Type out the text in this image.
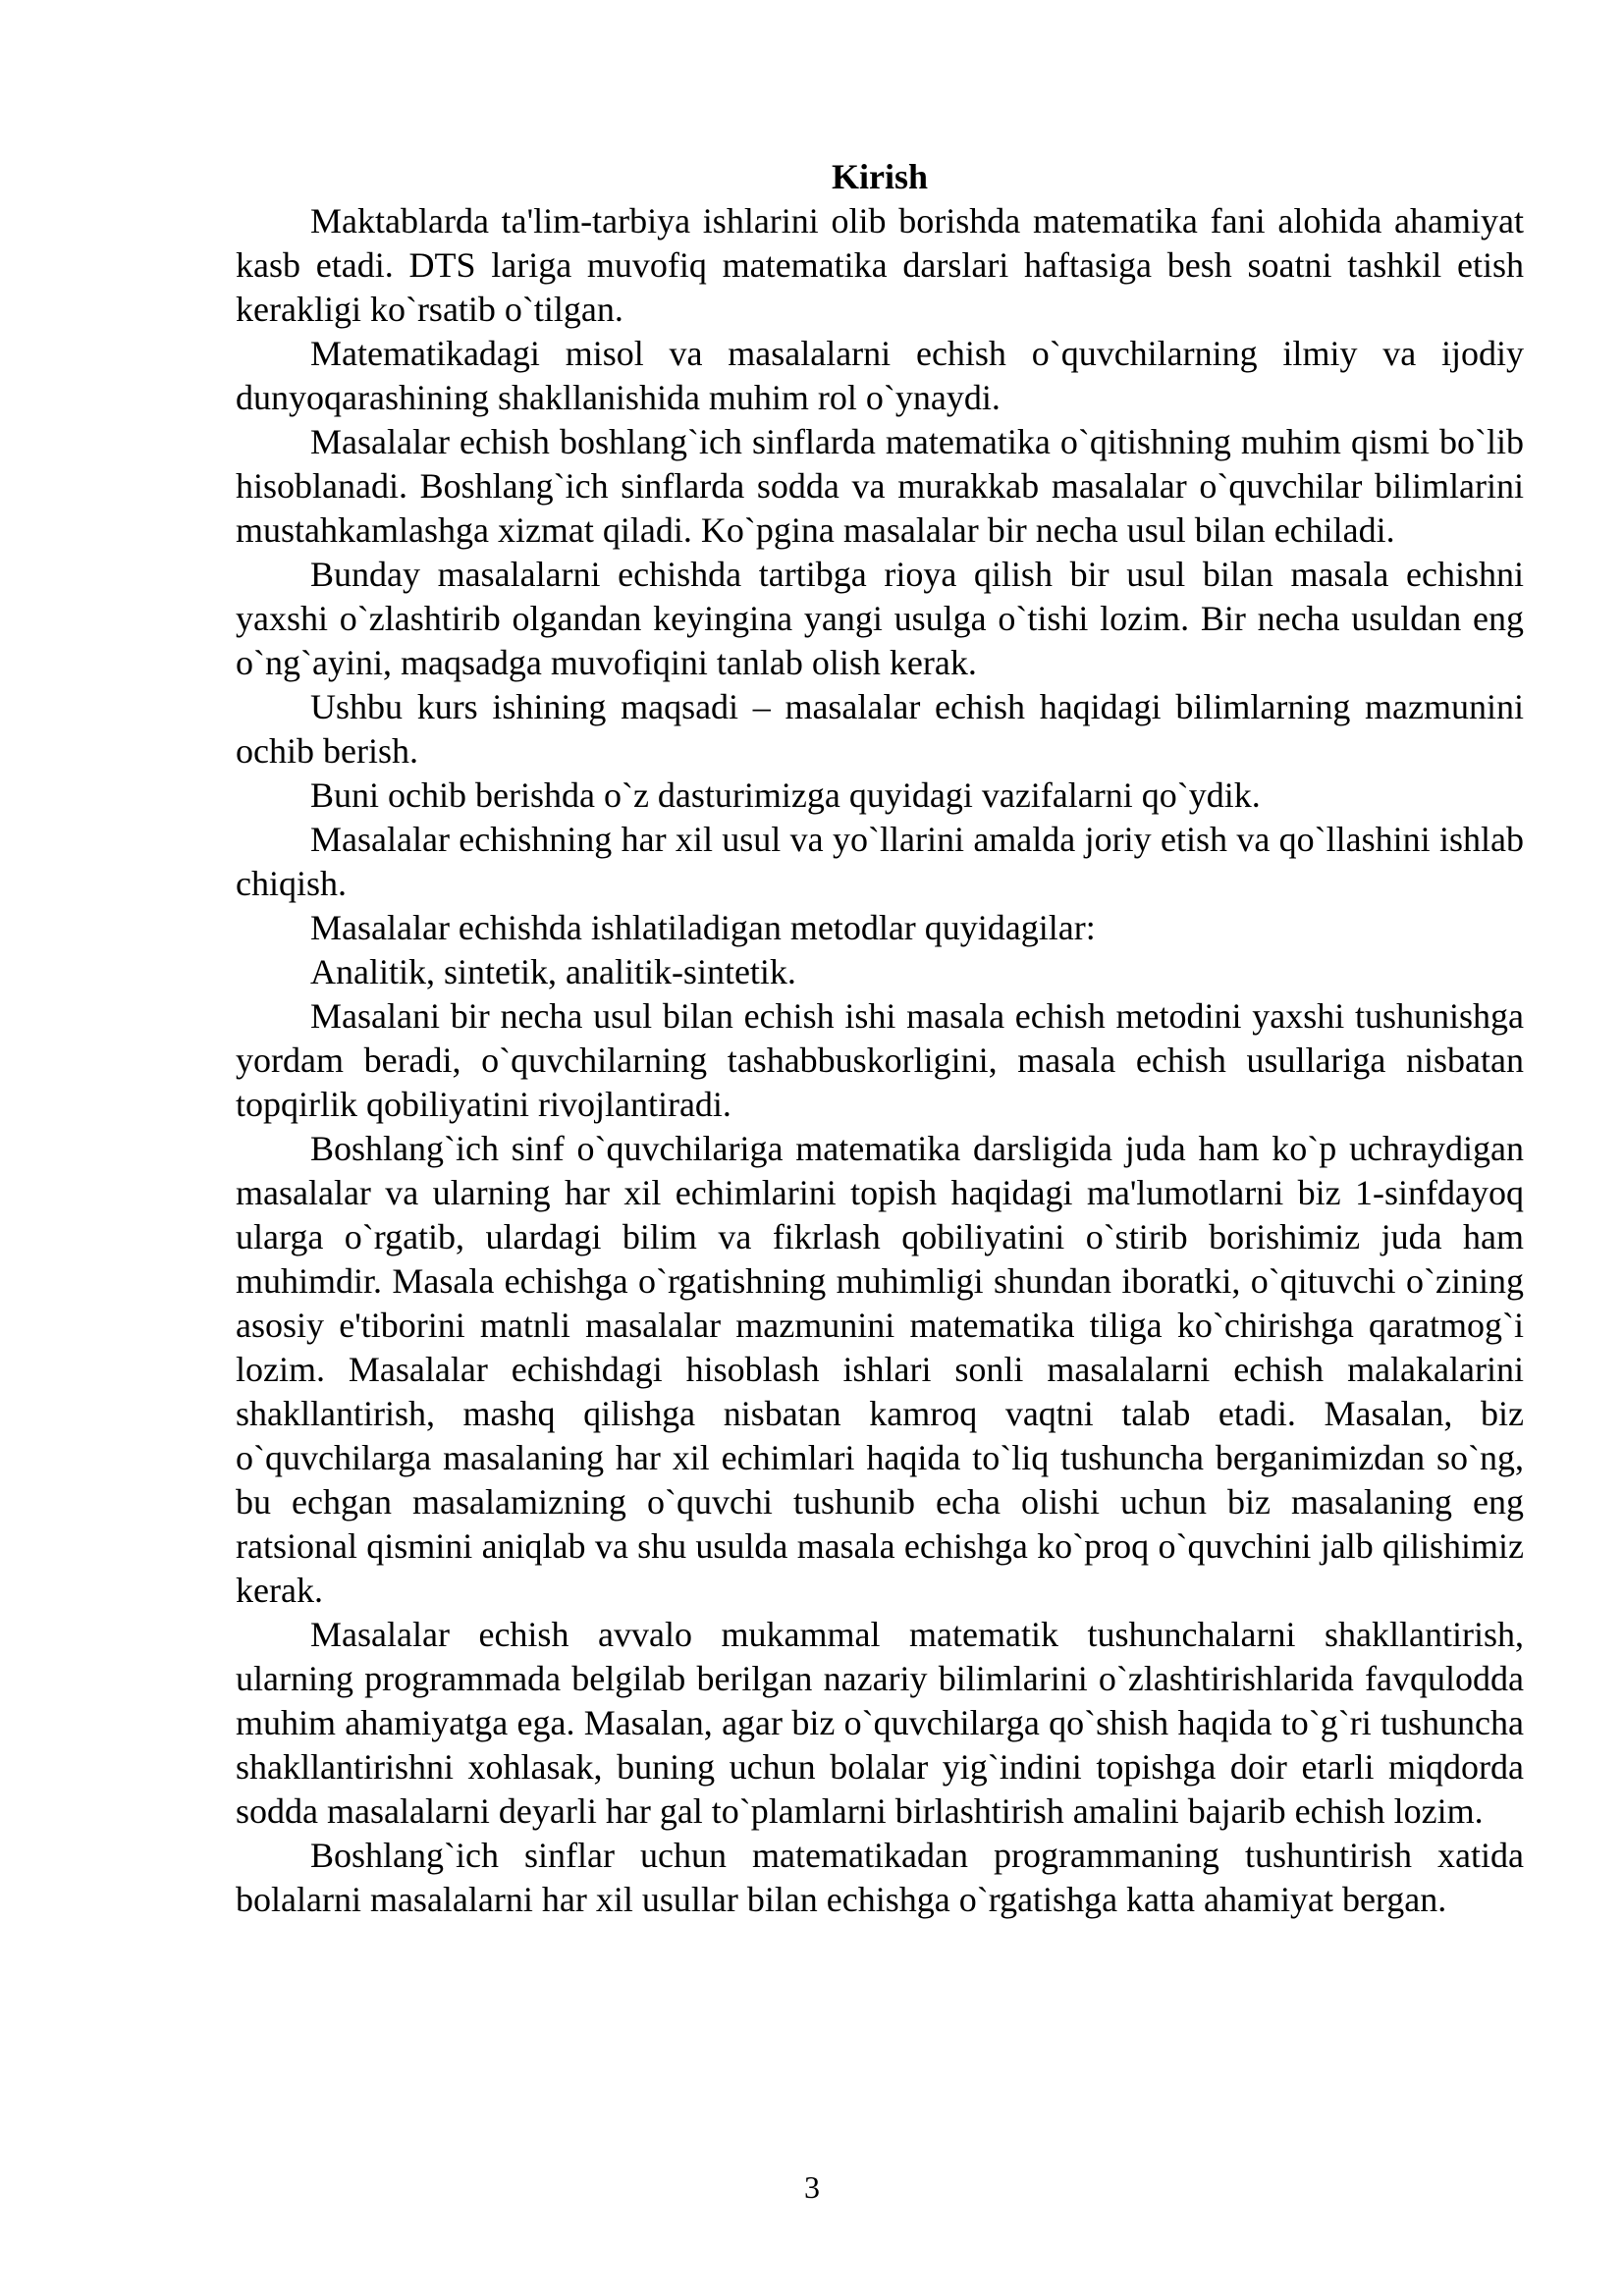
Kirish

Maktablarda ta'lim-tarbiya ishlarini olib borishda matematika fani alohida ahamiyat kasb etadi. DTS lariga muvofiq matematika darslari haftasiga besh soatni tashkil etish kerakligi ko`rsatib o`tilgan.

Matematikadagi misol va masalalarni echish o`quvchilarning ilmiy va ijodiy dunyoqarashining shakllanishida muhim rol o`ynaydi.

Masalalar echish boshlang`ich sinflarda matematika o`qitishning muhim qismi bo`lib hisoblanadi. Boshlang`ich sinflarda sodda va murakkab masalalar o`quvchilar bilimlarini mustahkamlashga xizmat qiladi. Ko`pgina masalalar bir necha usul bilan echiladi.

Bunday masalalarni echishda tartibga rioya qilish bir usul bilan masala echishni yaxshi o`zlashtirib olgandan keyingina yangi usulga o`tishi lozim. Bir necha usuldan eng o`ng`ayini, maqsadga muvofiqini tanlab olish kerak.

Ushbu kurs ishining maqsadi – masalalar echish haqidagi bilimlarning mazmunini ochib berish.

Buni ochib berishda o`z dasturimizga quyidagi vazifalarni qo`ydik.

Masalalar echishning har xil usul va yo`llarini amalda joriy etish va qo`llashini ishlab chiqish.

Masalalar echishda ishlatiladigan metodlar quyidagilar:

Analitik, sintetik, analitik-sintetik.

Masalani bir necha usul bilan echish ishi masala echish metodini yaxshi tushunishga yordam beradi, o`quvchilarning tashabbuskorligini, masala echish usullariga nisbatan topqirlik qobiliyatini rivojlantiradi.

Boshlang`ich sinf o`quvchilariga matematika darsligida juda ham ko`p uchraydigan masalalar va ularning har xil echimlarini topish haqidagi ma'lumotlarni biz 1-sinfdayoq ularga o`rgatib, ulardagi bilim va fikrlash qobiliyatini o`stirib borishimiz juda ham muhimdir. Masala echishga o`rgatishning muhimligi shundan iboratki, o`qituvchi o`zining asosiy e'tiborini matnli masalalar mazmunini matematika tiliga ko`chirishga qaratmog`i lozim. Masalalar echishdagi hisoblash ishlari sonli masalalarni echish malakalarini shakllantirish, mashq qilishga nisbatan kamroq vaqtni talab etadi. Masalan, biz o`quvchilarga masalaning har xil echimlari haqida to`liq tushuncha berganimizdan so`ng, bu echgan masalamizning o`quvchi tushunib echa olishi uchun biz masalaning eng ratsional qismini aniqlab va shu usulda masala echishga ko`proq o`quvchini jalb qilishimiz kerak.

Masalalar echish avvalo mukammal matematik tushunchalarni shakllantirish, ularning programmada belgilab berilgan nazariy bilimlarini o`zlashtirishlarida favqulodda muhim ahamiyatga ega. Masalan, agar biz o`quvchilarga qo`shish haqida to`g`ri tushuncha shakllantirishni xohlasak, buning uchun bolalar yig`indini topishga doir etarli miqdorda sodda masalalarni deyarli har gal to`plamlarni birlashtirish amalini bajarib echish lozim.

Boshlang`ich sinflar uchun matematikadan programmaning tushuntirish xatida bolalarni masalalarni har xil usullar bilan echishga o`rgatishga katta ahamiyat bergan.

3
